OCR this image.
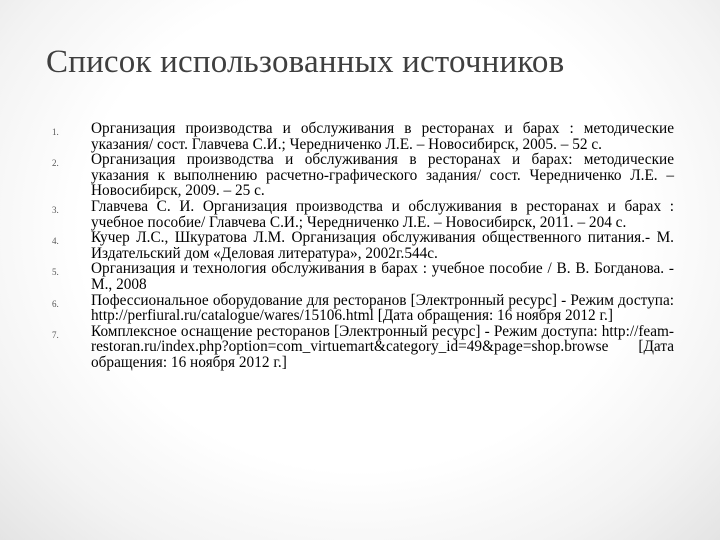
Список использованных источников
1.	Организация производства и обслуживания в ресторанах и барах : методические указания/ сост. Главчева С.И.; Чередниченко Л.Е. – Новосибирск, 2005. – 52 с.
2.	Организация производства и обслуживания в ресторанах и барах: методические указания к выполнению расчетно-графического задания/ сост. Чередниченко Л.Е. – Новосибирск, 2009. – 25 с.
3.	Главчева С. И. Организация производства и обслуживания в ресторанах и барах : учебное пособие/ Главчева С.И.; Чередниченко Л.Е. – Новосибирск, 2011. – 204 с.
4.	Кучер Л.С., Шкуратова Л.М. Организация обслуживания общественного питания.- М. Издательский дом «Деловая литература», 2002г.544с.
5.	Организация и технология обслуживания в барах : учебное пособие / В. В. Богданова. - М., 2008
6.	Пофессиональное оборудование для ресторанов [Электронный ресурс] - Режим доступа: http://perfiural.ru/catalogue/wares/15106.html [Дата обращения: 16 ноября 2012 г.]
7.	Комплексное оснащение ресторанов [Электронный ресурс] - Режим доступа: http://feam-restoran.ru/index.php?option=com_virtuemart&category_id=49&page=shop.browse [Дата обращения: 16 ноября 2012 г.]
